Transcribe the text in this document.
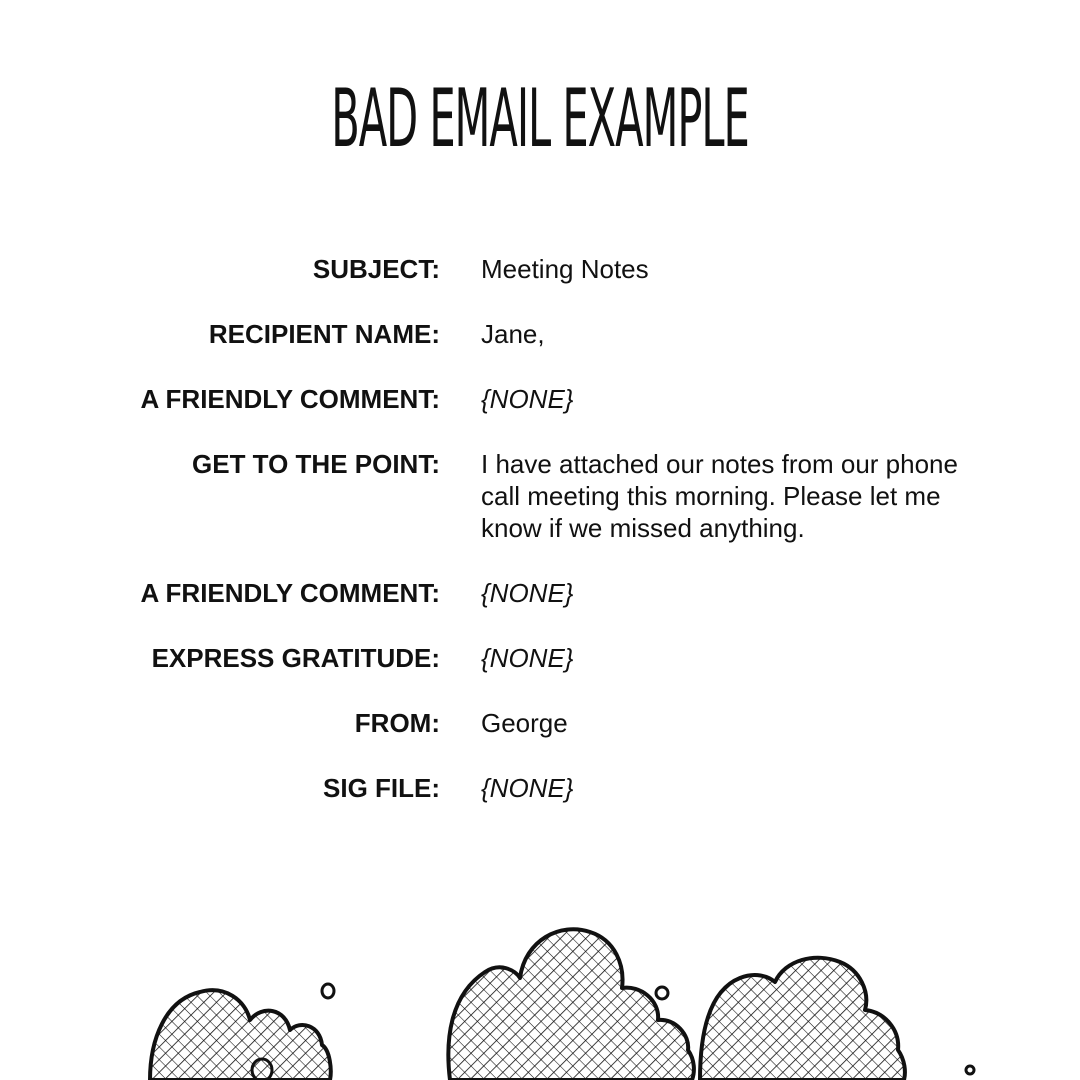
BAD EMAIL EXAMPLE
SUBJECT: Meeting Notes
RECIPIENT NAME: Jane,
A FRIENDLY COMMENT: {NONE}
GET TO THE POINT: I have attached our notes from our phone call meeting this morning. Please let me know if we missed anything.
A FRIENDLY COMMENT: {NONE}
EXPRESS GRATITUDE: {NONE}
FROM: George
SIG FILE: {NONE}
